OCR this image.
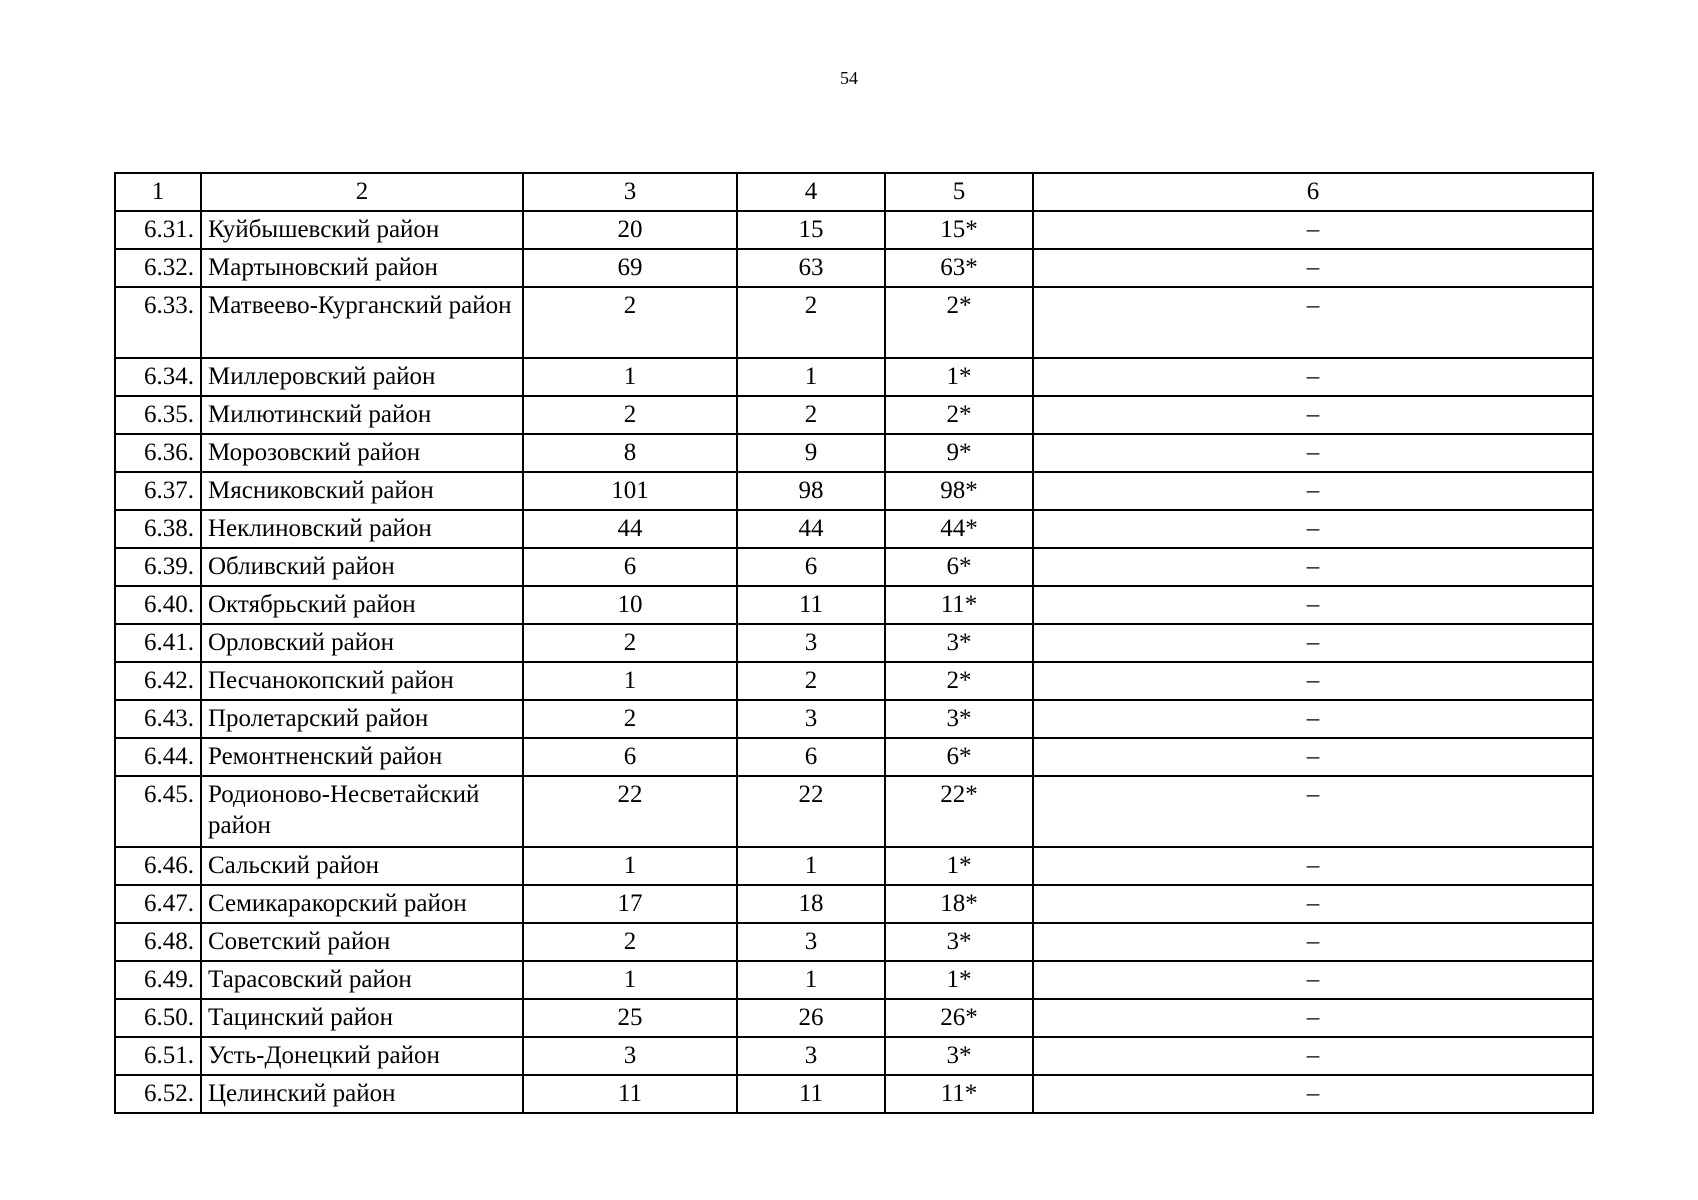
54
1	2	3	4	5	6
6.31.	Куйбышевский район	20	15	15*	–
6.32.	Мартыновский район	69	63	63*	–
6.33.	Матвеево-Курганский район	2	2	2*	–
6.34.	Миллеровский район	1	1	1*	–
6.35.	Милютинский район	2	2	2*	–
6.36.	Морозовский район	8	9	9*	–
6.37.	Мясниковский район	101	98	98*	–
6.38.	Неклиновский район	44	44	44*	–
6.39.	Обливский район	6	6	6*	–
6.40.	Октябрьский район	10	11	11*	–
6.41.	Орловский район	2	3	3*	–
6.42.	Песчанокопский район	1	2	2*	–
6.43.	Пролетарский район	2	3	3*	–
6.44.	Ремонтненский район	6	6	6*	–
6.45.	Родионово-Несветайский район	22	22	22*	–
6.46.	Сальский район	1	1	1*	–
6.47.	Семикаракорский район	17	18	18*	–
6.48.	Советский район	2	3	3*	–
6.49.	Тарасовский район	1	1	1*	–
6.50.	Тацинский район	25	26	26*	–
6.51.	Усть-Донецкий район	3	3	3*	–
6.52.	Целинский район	11	11	11*	–
